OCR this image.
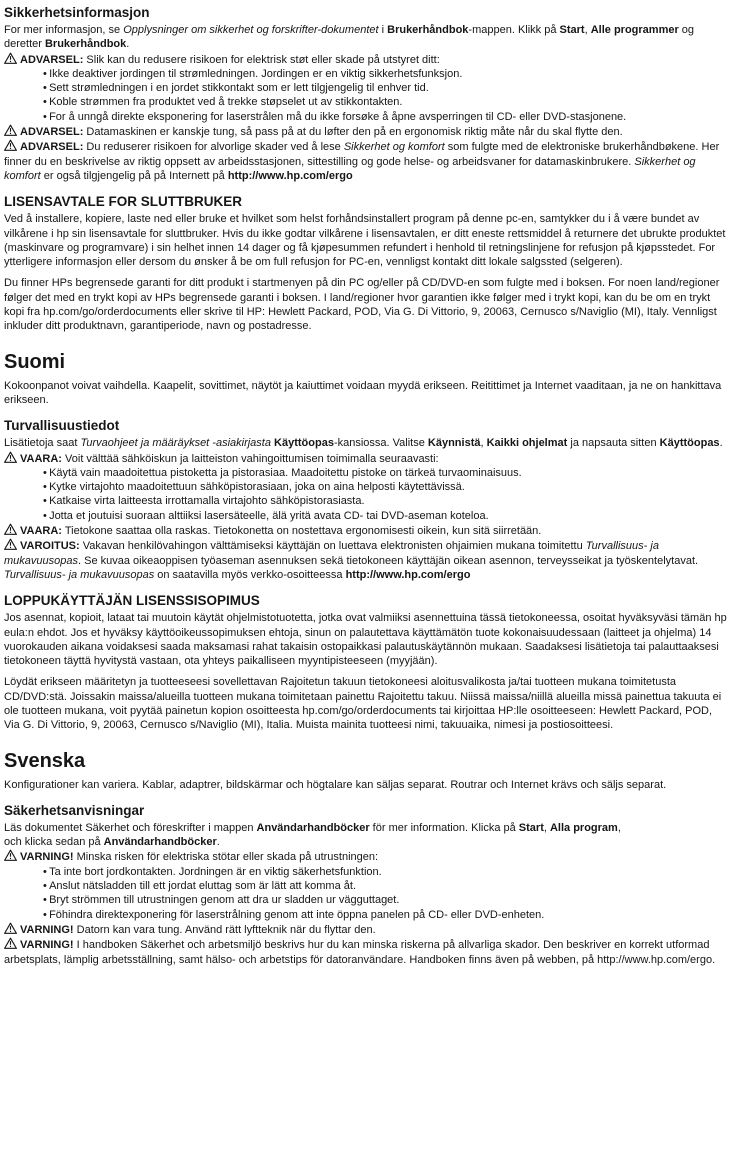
Sikkerhetsinformasjon
For mer informasjon, se Opplysninger om sikkerhet og forskrifter-dokumentet i Brukerhåndbok-mappen. Klikk på Start, Alle programmer og deretter Brukerhåndbok.
ADVARSEL: Slik kan du redusere risikoen for elektrisk støt eller skade på utstyret ditt:
•  Ikke deaktiver jordingen til strømledningen. Jordingen er en viktig sikkerhetsfunksjon.
•  Sett strømledningen i en jordet stikkontakt som er lett tilgjengelig til enhver tid.
•  Koble strømmen fra produktet ved å trekke støpselet ut av stikkontakten.
•  For å unngå direkte eksponering for laserstrålen må du ikke forsøke å åpne avsperringen til CD- eller DVD-stasjonene.
ADVARSEL: Datamaskinen er kanskje tung, så pass på at du løfter den på en ergonomisk riktig måte når du skal flytte den.
ADVARSEL: Du reduserer risikoen for alvorlige skader ved å lese Sikkerhet og komfort som fulgte med de elektroniske brukerhåndbøkene. Her finner du en beskrivelse av riktig oppsett av arbeidsstasjonen, sittestilling og gode helse- og arbeidsvaner for datamaskinbrukere. Sikkerhet og komfort er også tilgjengelig på på Internett på http://www.hp.com/ergo
LISENSAVTALE FOR SLUTTBRUKER
Ved å installere, kopiere, laste ned eller bruke et hvilket som helst forhåndsinstallert program på denne pc-en, samtykker du i å være bundet av vilkårene i hp sin lisensavtale for sluttbruker. Hvis du ikke godtar vilkårene i lisensavtalen, er ditt eneste rettsmiddel å returnere det ubrukte produktet (maskinvare og programvare) i sin helhet innen 14 dager og få kjøpesummen refundert i henhold til retningslinjene for refusjon på kjøpsstedet. For ytterligere informasjon eller dersom du ønsker å be om full refusjon for PC-en, vennligst kontakt ditt lokale salgssted (selgeren).
Du finner HPs begrensede garanti for ditt produkt i startmenyen på din PC og/eller på CD/DVD-en som fulgte med i boksen. For noen land/regioner følger det med en trykt kopi av HPs begrensede garanti i boksen. I land/regioner hvor garantien ikke følger med i trykt kopi, kan du be om en trykt kopi fra hp.com/go/orderdocuments eller skrive til HP: Hewlett Packard, POD, Via G. Di Vittorio, 9, 20063, Cernusco s/Naviglio (MI), Italy. Vennligst inkluder ditt produktnavn, garantiperiode, navn og postadresse.
Suomi
Kokoonpanot voivat vaihdella. Kaapelit, sovittimet, näytöt ja kaiuttimet voidaan myydä erikseen. Reitittimet ja Internet vaaditaan, ja ne on hankittava erikseen.
Turvallisuustiedot
Lisätietoja saat Turvaohjeet ja määräykset -asiakirjasta Käyttöopas-kansiossa. Valitse Käynnistä, Kaikki ohjelmat ja napsauta sitten Käyttöopas.
VAARA: Voit välttää sähköiskun ja laitteiston vahingoittumisen toimimalla seuraavasti:
•  Käytä vain maadoitettua pistoketta ja pistorasiaa. Maadoitettu pistoke on tärkeä turvaominaisuus.
•  Kytke virtajohto maadoitettuun sähköpistorasiaan, joka on aina helposti käytettävissä.
•  Katkaise virta laitteesta irrottamalla virtajohto sähköpistorasiasta.
•  Jotta et joutuisi suoraan alttiiksi lasersäteelle, älä yritä avata CD- tai DVD-aseman koteloa.
VAARA: Tietokone saattaa olla raskas. Tietokonetta on nostettava ergonomisesti oikein, kun sitä siirretään.
VAROITUS: Vakavan henkilövahingon välttämiseksi käyttäjän on luettava elektronisten ohjaimien mukana toimitettu Turvallisuus- ja mukavuusopas. Se kuvaa oikeaoppisen työaseman asennuksen sekä tietokoneen käyttäjän oikean asennon, terveysseikat ja työskentelytavat. Turvallisuus- ja mukavuusopas on saatavilla myös verkko-osoitteessa http://www.hp.com/ergo
LOPPUKÄYTTÄJÄN LISENSSISOPIMUS
Jos asennat, kopioit, lataat tai muutoin käytät ohjelmistotuotetta, jotka ovat valmiiksi asennettuina tässä tietokoneessa, osoitat hyväksyväsi tämän hp eula:n ehdot. Jos et hyväksy käyttöoikeussopimuksen ehtoja, sinun on palautettava käyttämätön tuote kokonaisuudessaan (laitteet ja ohjelma) 14 vuorokauden aikana voidaksesi saada maksamasi rahat takaisin ostopaikkasi palautuskäytännön mukaan. Saadaksesi lisätietoja tai palauttaaksesi tietokoneen täyttä hyvitystä vastaan, ota yhteys paikalliseen myyntipisteeseen (myyjään).
Löydät erikseen määritetyn ja tuotteeseesi sovellettavan Rajoitetun takuun tietokoneesi aloitusvalikosta ja/tai tuotteen mukana toimitetusta CD/DVD:stä. Joissakin maissa/alueilla tuotteen mukana toimitetaan painettu Rajoitettu takuu. Niissä maissa/niillä alueilla missä painettua takuuta ei ole tuotteen mukana, voit pyytää painetun kopion osoitteesta hp.com/go/orderdocuments tai kirjoittaa HP:lle osoitteeseen: Hewlett Packard, POD, Via G. Di Vittorio, 9, 20063, Cernusco s/Naviglio (MI), Italia. Muista mainita tuotteesi nimi, takuuaika, nimesi ja postiosoitteesi.
Svenska
Konfigurationer kan variera. Kablar, adaptrer, bildskärmar och högtalare kan säljas separat. Routrar och Internet krävs och säljs separat.
Säkerhetsanvisningar
Läs dokumentet Säkerhet och föreskrifter i mappen Användarhandböcker för mer information. Klicka på Start, Alla program,
och klicka sedan på Användarhandböcker.
VARNING! Minska risken för elektriska stötar eller skada på utrustningen:
•  Ta inte bort jordkontakten. Jordningen är en viktig säkerhetsfunktion.
•  Anslut nätsladden till ett jordat eluttag som är lätt att komma åt.
•  Bryt strömmen till utrustningen genom att dra ur sladden ur vägguttaget.
•  Föhindra direktexponering för laserstrålning genom att inte öppna panelen på CD- eller DVD-enheten.
VARNING! Datorn kan vara tung. Använd rätt lyftteknik när du flyttar den.
VARNING! I handboken Säkerhet och arbetsmiljö beskrivs hur du kan minska riskerna på allvarliga skador. Den beskriver en korrekt utformad arbetsplats, lämplig arbetsställning, samt hälso- och arbetstips för datoranvändare. Handboken finns även på webben, på http://www.hp.com/ergo.
